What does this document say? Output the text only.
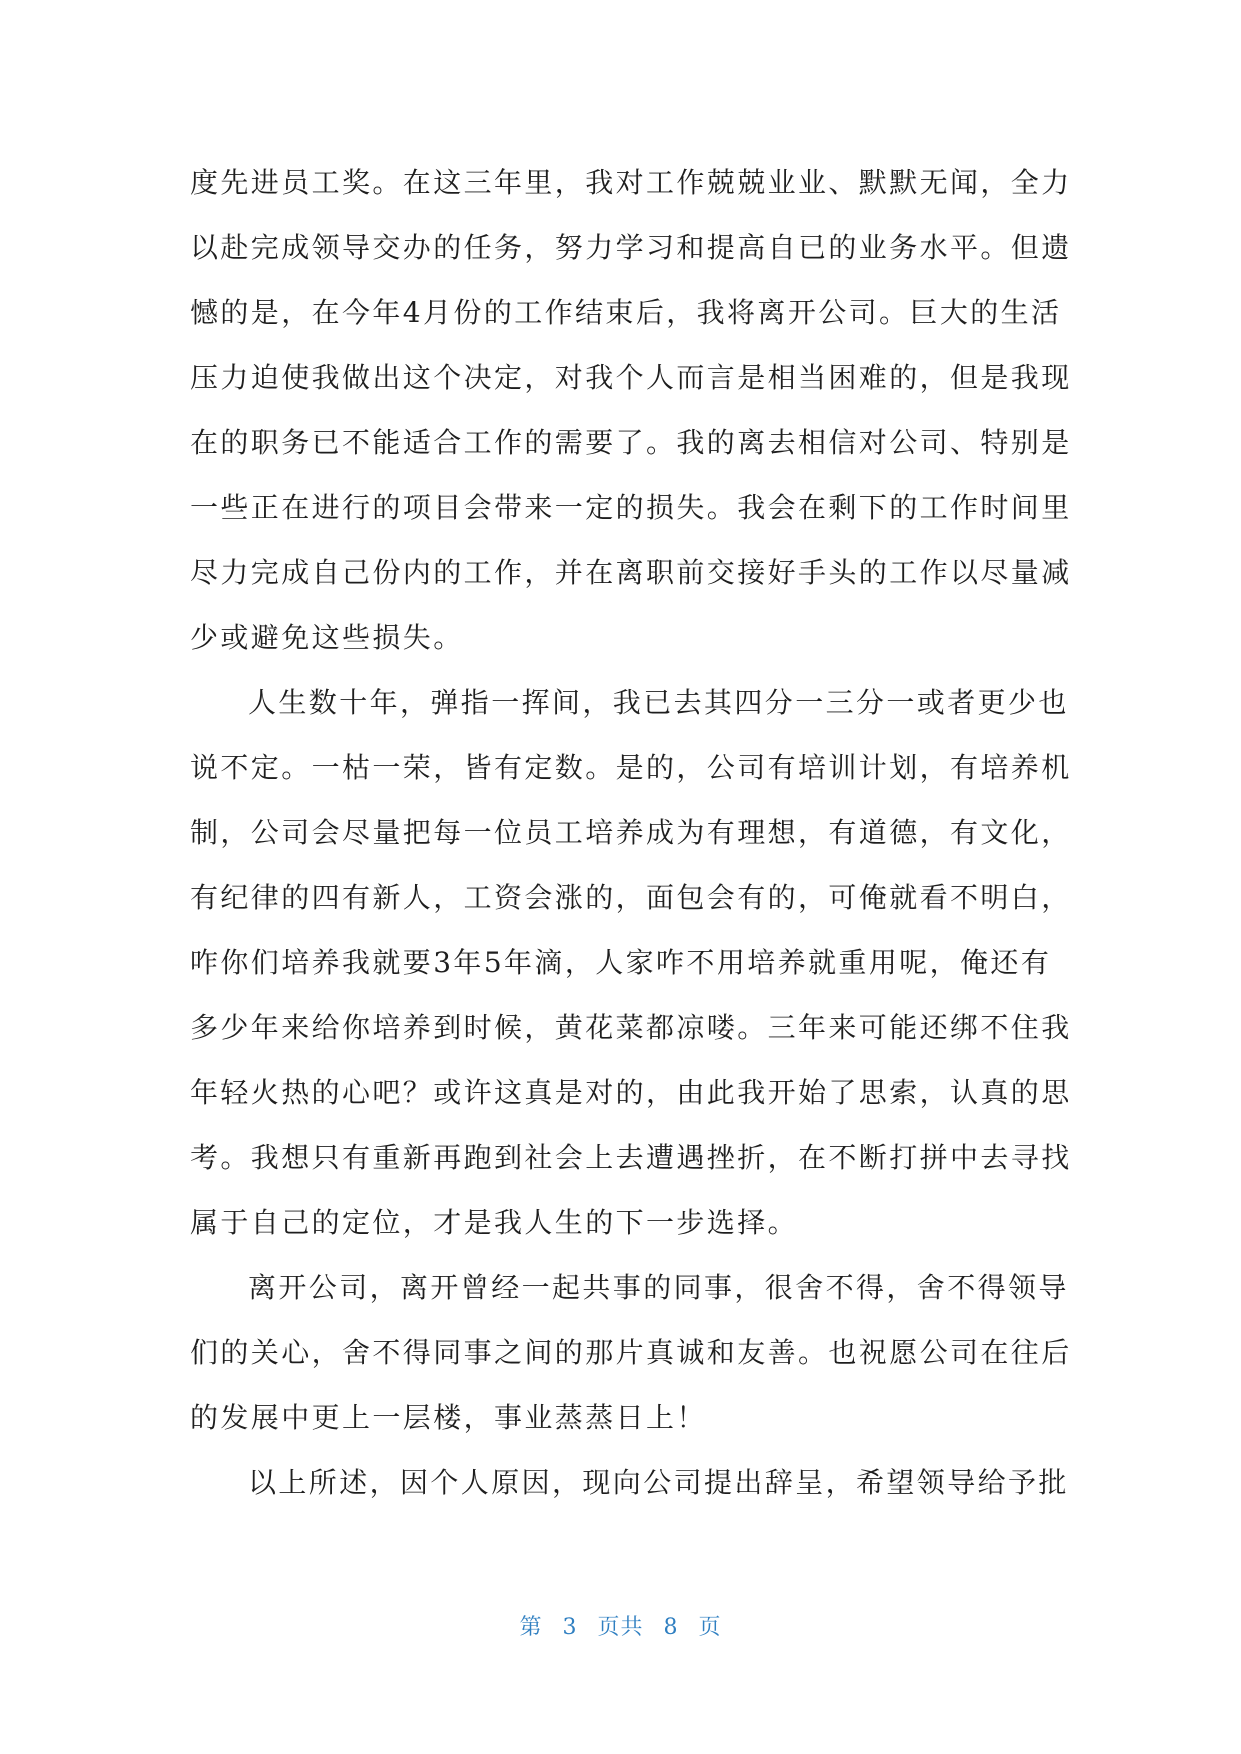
度先进员工奖。在这三年里，我对工作兢兢业业、默默无闻，全力
以赴完成领导交办的任务，努力学习和提高自已的业务水平。但遗
憾的是，在今年4月份的工作结束后，我将离开公司。巨大的生活
压力迫使我做出这个决定，对我个人而言是相当困难的，但是我现
在的职务已不能适合工作的需要了。我的离去相信对公司、特别是
一些正在进行的项目会带来一定的损失。我会在剩下的工作时间里
尽力完成自己份内的工作，并在离职前交接好手头的工作以尽量减
少或避免这些损失。
人生数十年，弹指一挥间，我已去其四分一三分一或者更少也
说不定。一枯一荣，皆有定数。是的，公司有培训计划，有培养机
制，公司会尽量把每一位员工培养成为有理想，有道德，有文化，
有纪律的四有新人，工资会涨的，面包会有的，可俺就看不明白，
咋你们培养我就要3年5年滴，人家咋不用培养就重用呢，俺还有
多少年来给你培养到时候，黄花菜都凉喽。三年来可能还绑不住我
年轻火热的心吧？或许这真是对的，由此我开始了思索，认真的思
考。我想只有重新再跑到社会上去遭遇挫折，在不断打拼中去寻找
属于自己的定位，才是我人生的下一步选择。
离开公司，离开曾经一起共事的同事，很舍不得，舍不得领导
们的关心，舍不得同事之间的那片真诚和友善。也祝愿公司在往后
的发展中更上一层楼，事业蒸蒸日上！
以上所述，因个人原因，现向公司提出辞呈，希望领导给予批
第 3 页共 8 页
